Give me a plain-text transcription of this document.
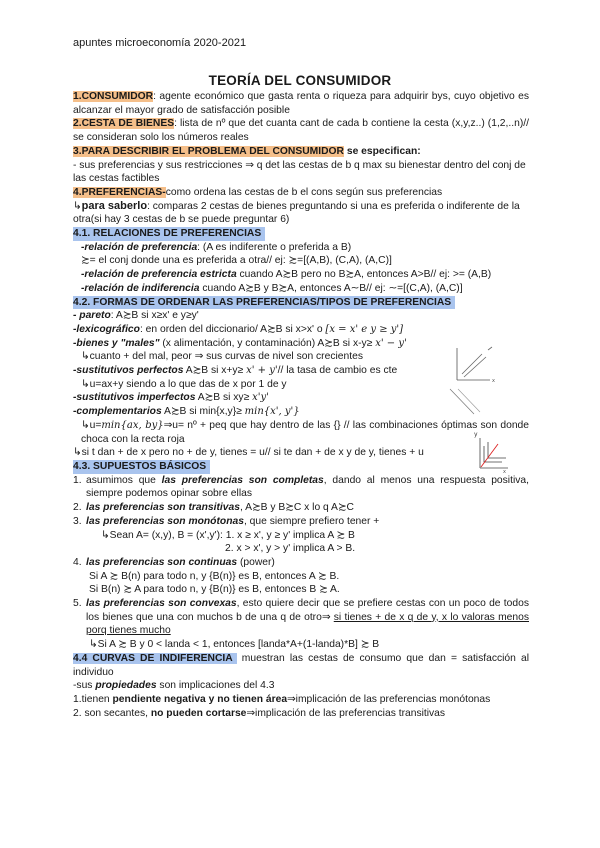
apuntes microeconomía 2020-2021
TEORÍA DEL CONSUMIDOR

1.CONSUMIDOR: agente económico que gasta renta o riqueza para adquirir bys, cuyo objetivo es alcanzar el mayor grado de satisfacción posible

2.CESTA DE BIENES: lista de nº que det cuanta cant de cada b contiene la cesta (x,y,z..) (1,2,..n)// se consideran solo los números reales

3.PARA DESCRIBIR EL PROBLEMA DEL CONSUMIDOR se especifican:
- sus preferencias y sus restricciones ⇒ q det las cestas de b q max su bienestar dentro del conj de las cestas factibles

4.PREFERENCIAS-como ordena las cestas de b el cons según sus preferencias

↳para saberlo: comparas 2 cestas de bienes preguntando si una es preferida o indiferente de la otra(si hay 3 cestas de b se puede preguntar 6)

4.1. RELACIONES DE PREFERENCIAS

-relación de preferencia: (A es indiferente o preferida a B)

≿= el conj donde una es preferida a otra// ej: ≿=[(A,B), (C,A), (A,C)]

-relación de preferencia estricta cuando A≿B pero no B≿A, entonces A>B// ej: >= (A,B)

-relación de indiferencia cuando A≿B y B≿A, entonces A∼B// ej: ∼=[(C,A), (A,C)]

4.2. FORMAS DE ORDENAR LAS PREFERENCIAS/TIPOS DE PREFERENCIAS

- pareto: A≿B si x≥x' e y≥y'

-lexicográfico: en orden del diccionario/ A≿B si x>x' o [x = x' e y ≥ y']

-bienes y "males" (x alimentación, y contaminación) A≿B si x-y≥ x' − y'

↳cuanto + del mal, peor ⇒ sus curvas de nivel son crecientes

-sustitutivos perfectos A≿B si x+y≥ x' + y'// la tasa de cambio es cte

↳u=ax+y siendo a lo que das de x por 1 de y

-sustitutivos imperfectos A≿B si xy≥ x'y'

-complementarios A≿B si min{x,y}≥ min{x', y'}

↳u=min{ax, by}⇒u= nº + peq que hay dentro de las {} // las combinaciones óptimas son donde choca con la recta roja

↳si t dan + de x pero no + de y, tienes = u// si te dan + de x y de y, tienes + u

4.3. SUPUESTOS BÁSICOS

1. asumimos que las preferencias son completas, dando al menos una respuesta positiva, siempre podemos opinar sobre ellas
2. las preferencias son transitivas, A≿B y B≿C x lo q A≿C
3. las preferencias son monótonas, que siempre prefiero tener +

↳Sean A= (x,y), B = (x',y'): 1. x ≥ x', y ≥ y' implica A ≿ B

2. x > x', y > y' implica A > B.

4. las preferencias son continuas (power)

Si A ≿ B(n) para todo n, y {B(n)} es B, entonces A ≿ B.

Si B(n) ≿ A para todo n, y {B(n)} es B, entonces B ≿ A.

5. las preferencias son convexas, esto quiere decir que se prefiere cestas con un poco de todos los bienes que una con muchos b de una q de otro⇒ si tienes + de x q de y, x lo valoras menos porq tienes mucho

↳Si A ≿ B y 0 < landa < 1, entonces [landa*A+(1-landa)*B] ≿ B

4.4 CURVAS DE INDIFERENCIA muestran las cestas de consumo que dan = satisfacción al individuo

-sus propiedades son implicaciones del 4.3

1.tienen pendiente negativa y no tienen área⇒implicación de las preferencias monótonas

2. son secantes, no pueden cortarse⇒implicación de las preferencias transitivas

x
y
x
